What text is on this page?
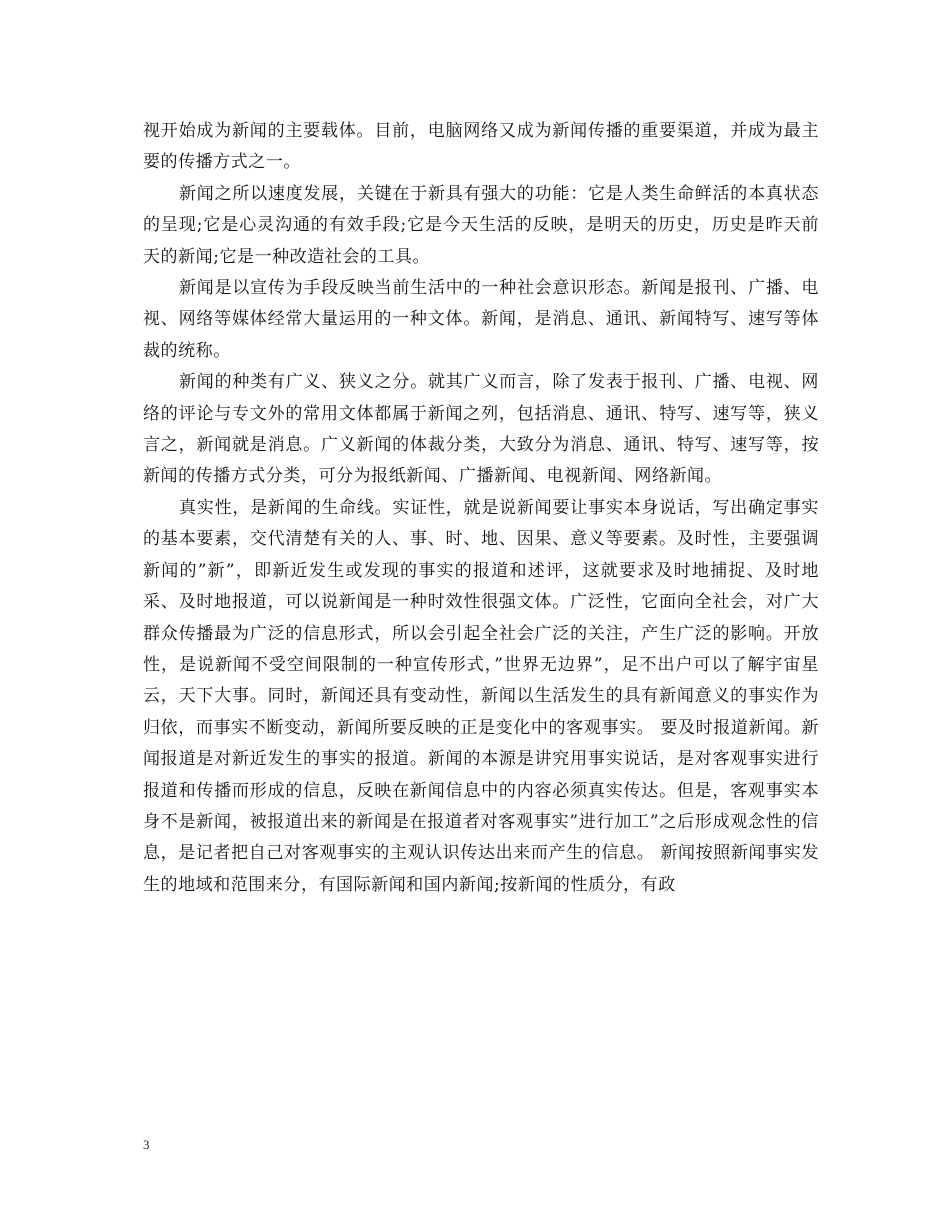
视开始成为新闻的主要载体。目前，电脑网络又成为新闻传播的重要渠道，并成为最主要的传播方式之一。

新闻之所以速度发展，关键在于新具有强大的功能：它是人类生命鲜活的本真状态的呈现;它是心灵沟通的有效手段;它是今天生活的反映，是明天的历史，历史是昨天前天的新闻;它是一种改造社会的工具。

新闻是以宣传为手段反映当前生活中的一种社会意识形态。新闻是报刊、广播、电视、网络等媒体经常大量运用的一种文体。新闻，是消息、通讯、新闻特写、速写等体裁的统称。

新闻的种类有广义、狭义之分。就其广义而言，除了发表于报刊、广播、电视、网络的评论与专文外的常用文体都属于新闻之列，包括消息、通讯、特写、速写等，狭义言之，新闻就是消息。广义新闻的体裁分类，大致分为消息、通讯、特写、速写等，按新闻的传播方式分类，可分为报纸新闻、广播新闻、电视新闻、网络新闻。

真实性，是新闻的生命线。实证性，就是说新闻要让事实本身说话，写出确定事实的基本要素，交代清楚有关的人、事、时、地、因果、意义等要素。及时性，主要强调新闻的”新”，即新近发生或发现的事实的报道和述评，这就要求及时地捕捉、及时地采、及时地报道，可以说新闻是一种时效性很强文体。广泛性，它面向全社会，对广大群众传播最为广泛的信息形式，所以会引起全社会广泛的关注，产生广泛的影响。开放性，是说新闻不受空间限制的一种宣传形式，”世界无边界”，足不出户可以了解宇宙星云，天下大事。同时，新闻还具有变动性，新闻以生活发生的具有新闻意义的事实作为归依，而事实不断变动，新闻所要反映的正是变化中的客观事实。 要及时报道新闻。新闻报道是对新近发生的事实的报道。新闻的本源是讲究用事实说话，是对客观事实进行报道和传播而形成的信息，反映在新闻信息中的内容必须真实传达。但是，客观事实本身不是新闻，被报道出来的新闻是在报道者对客观事实”进行加工”之后形成观念性的信息，是记者把自己对客观事实的主观认识传达出来而产生的信息。 新闻按照新闻事实发生的地域和范围来分，有国际新闻和国内新闻;按新闻的性质分，有政

3
